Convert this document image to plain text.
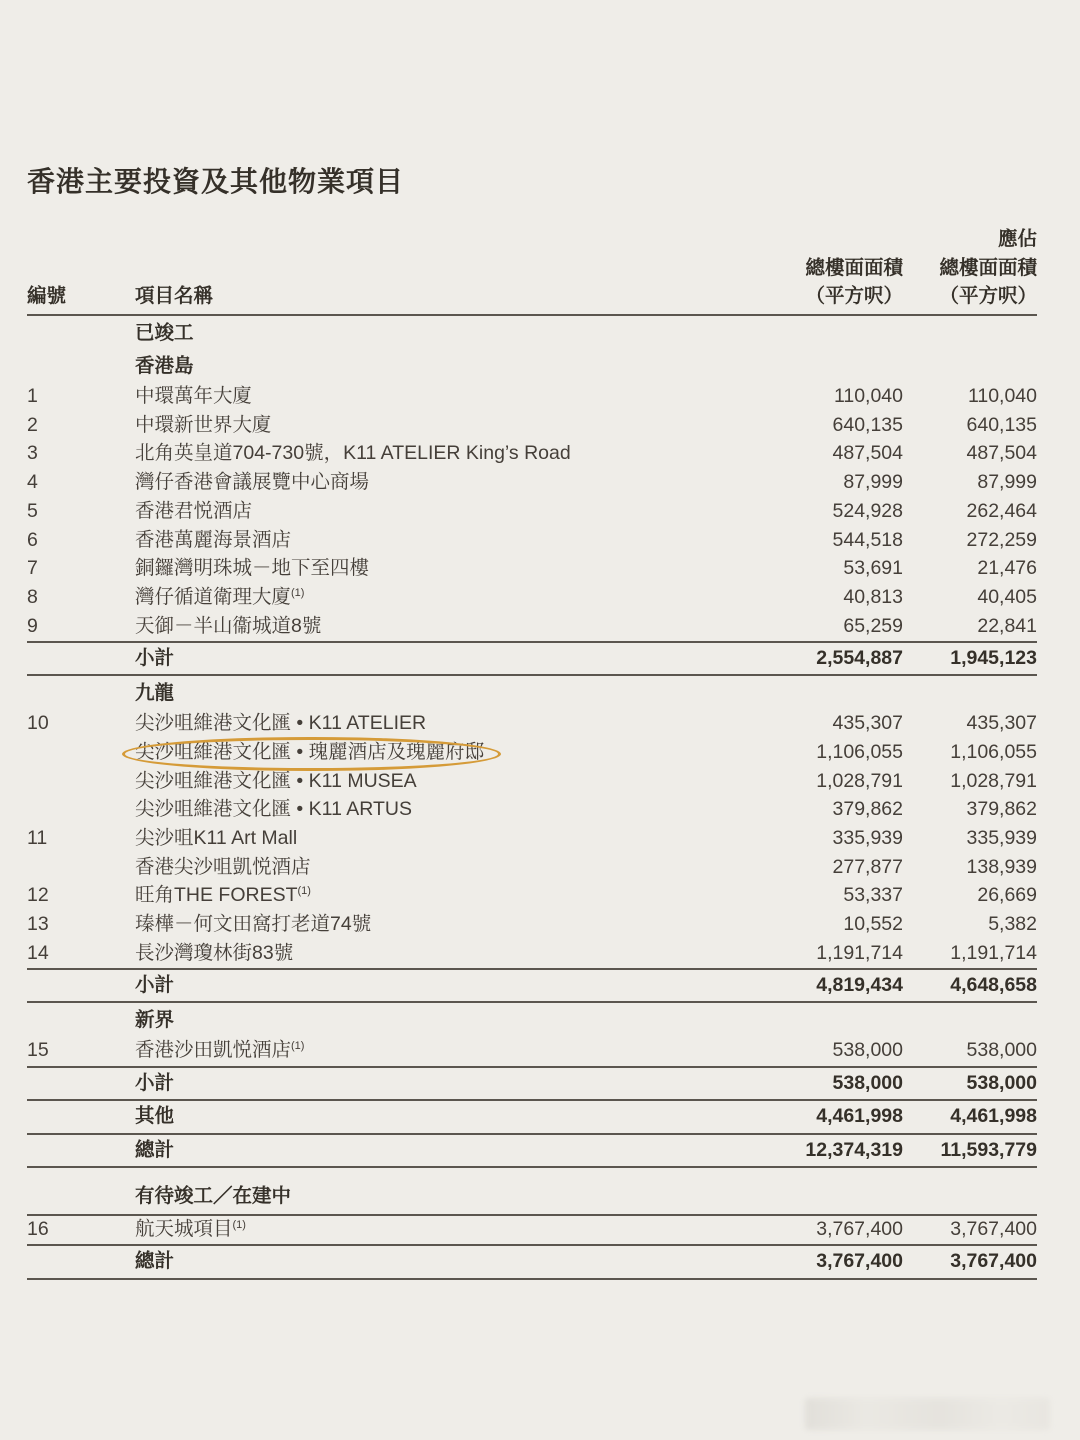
香港主要投資及其他物業項目
編號	項目名稱

總樓面面積
（平方呎）
應佔
總樓面面積
（平方呎）
已竣工
香港島
1	中環萬年大廈	110,040	110,040
2	中環新世界大廈	640,135	640,135
3	北角英皇道704-730號，K11 ATELIER King’s Road	487,504	487,504
4	灣仔香港會議展覽中心商場	87,999	87,999
5	香港君悦酒店	524,928	262,464
6	香港萬麗海景酒店	544,518	272,259
7	銅鑼灣明珠城－地下至四樓	53,691	21,476
8	灣仔循道衛理大廈$^{(1)}$	40,813	40,405
9	天御－半山衞城道8號	65,259	22,841
小計	2,554,887	1,945,123
九龍
10	尖沙咀維港文化匯 • K11 ATELIER	435,307	435,307
尖沙咀維港文化匯 • 瑰麗酒店及瑰麗府邸	1,106,055	1,106,055
尖沙咀維港文化匯 • K11 MUSEA	1,028,791	1,028,791
尖沙咀維港文化匯 • K11 ARTUS	379,862	379,862
11	尖沙咀K11 Art Mall	335,939	335,939
香港尖沙咀凱悦酒店	277,877	138,939
12	旺角THE FOREST$^{(1)}$	53,337	26,669
13	瑧樺－何文田窩打老道74號	10,552	5,382
14	長沙灣瓊林街83號	1,191,714	1,191,714
小計	4,819,434	4,648,658
新界
15	香港沙田凱悦酒店$^{(1)}$	538,000	538,000
小計	538,000	538,000
其他	4,461,998	4,461,998
總計	12,374,319	11,593,779
有待竣工／在建中
16	航天城項目$^{(1)}$	3,767,400	3,767,400
總計	3,767,400	3,767,400
